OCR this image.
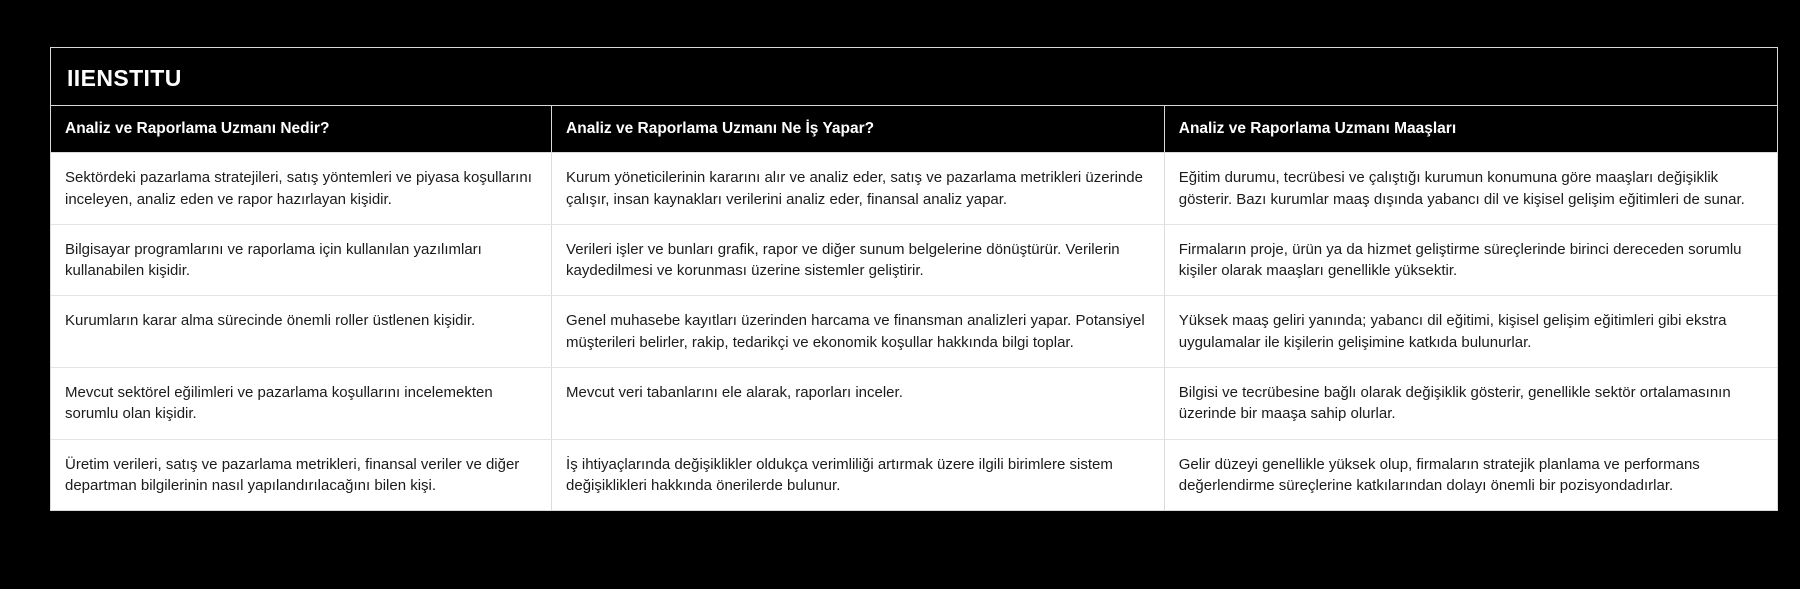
IIENSTITU
Analiz ve Raporlama Uzmanı Nedir?	Analiz ve Raporlama Uzmanı Ne İş Yapar?	Analiz ve Raporlama Uzmanı Maaşları

Sektördeki pazarlama stratejileri, satış yöntemleri ve piyasa koşullarını inceleyen, analiz eden ve rapor hazırlayan kişidir.	Kurum yöneticilerinin kararını alır ve analiz eder, satış ve pazarlama metrikleri üzerinde çalışır, insan kaynakları verilerini analiz eder, finansal analiz yapar.	Eğitim durumu, tecrübesi ve çalıştığı kurumun konumuna göre maaşları değişiklik gösterir. Bazı kurumlar maaş dışında yabancı dil ve kişisel gelişim eğitimleri de sunar.

Bilgisayar programlarını ve raporlama için kullanılan yazılımları kullanabilen kişidir.	Verileri işler ve bunları grafik, rapor ve diğer sunum belgelerine dönüştürür. Verilerin kaydedilmesi ve korunması üzerine sistemler geliştirir.	Firmaların proje, ürün ya da hizmet geliştirme süreçlerinde birinci dereceden sorumlu kişiler olarak maaşları genellikle yüksektir.

Kurumların karar alma sürecinde önemli roller üstlenen kişidir.	Genel muhasebe kayıtları üzerinden harcama ve finansman analizleri yapar. Potansiyel müşterileri belirler, rakip, tedarikçi ve ekonomik koşullar hakkında bilgi toplar.	Yüksek maaş geliri yanında; yabancı dil eğitimi, kişisel gelişim eğitimleri gibi ekstra uygulamalar ile kişilerin gelişimine katkıda bulunurlar.

Mevcut sektörel eğilimleri ve pazarlama koşullarını incelemekten sorumlu olan kişidir.	Mevcut veri tabanlarını ele alarak, raporları inceler.	Bilgisi ve tecrübesine bağlı olarak değişiklik gösterir, genellikle sektör ortalamasının üzerinde bir maaşa sahip olurlar.

Üretim verileri, satış ve pazarlama metrikleri, finansal veriler ve diğer departman bilgilerinin nasıl yapılandırılacağını bilen kişi.	İş ihtiyaçlarında değişiklikler oldukça verimliliği artırmak üzere ilgili birimlere sistem değişiklikleri hakkında önerilerde bulunur.	Gelir düzeyi genellikle yüksek olup, firmaların stratejik planlama ve performans değerlendirme süreçlerine katkılarından dolayı önemli bir pozisyondadırlar.
